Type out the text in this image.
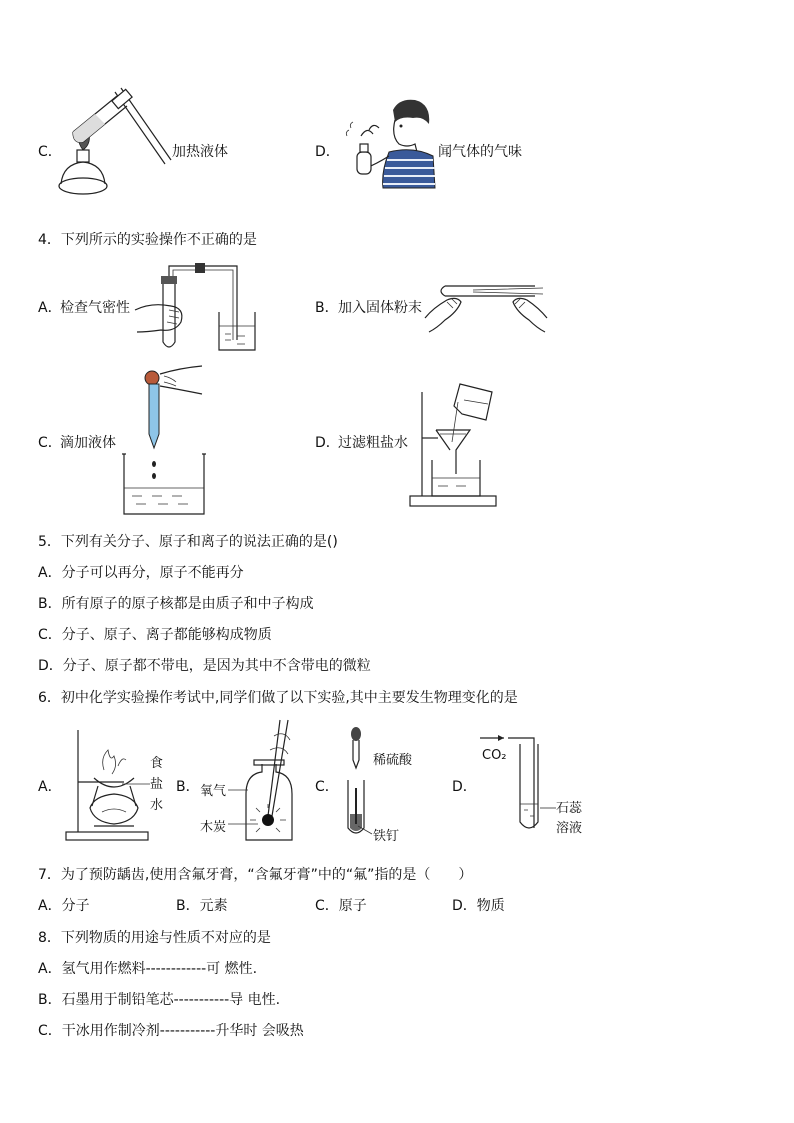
C．	加热液体	D．	闻气体的气味
4．下列所示的实验操作不正确的是
A．
检查气密性	B． 加入固体粉末
C．
滴加液体	D．
过滤粗盐水
5．下列有关分子、原子和离子的说法正确的是()
A．分子可以再分，原子不能再分
B．所有原子的原子核都是由质子和中子构成
C．分子、原子、离子都能够构成物质
D．分子、原子都不带电，是因为其中不含带电的微粒
6．初中化学实验操作考试中,同学们做了以下实验,其中主要发生物理变化的是
A．
食
盐
水
B． 氧气
木炭
C．
稀硫酸
铁钉
D．
CO₂
石蕊
溶液
7．为了预防龋齿,使用含氟牙膏，“含氟牙膏”中的“氟”指的是（　　）
A．分子	B．元素	C．原子	D．物质
8．下列物质的用途与性质不对应的是
A．氢气用作燃料------------可 燃性.
B．石墨用于制铅笔芯-----------导 电性.
C．干冰用作制冷剂-----------升华时 会吸热
